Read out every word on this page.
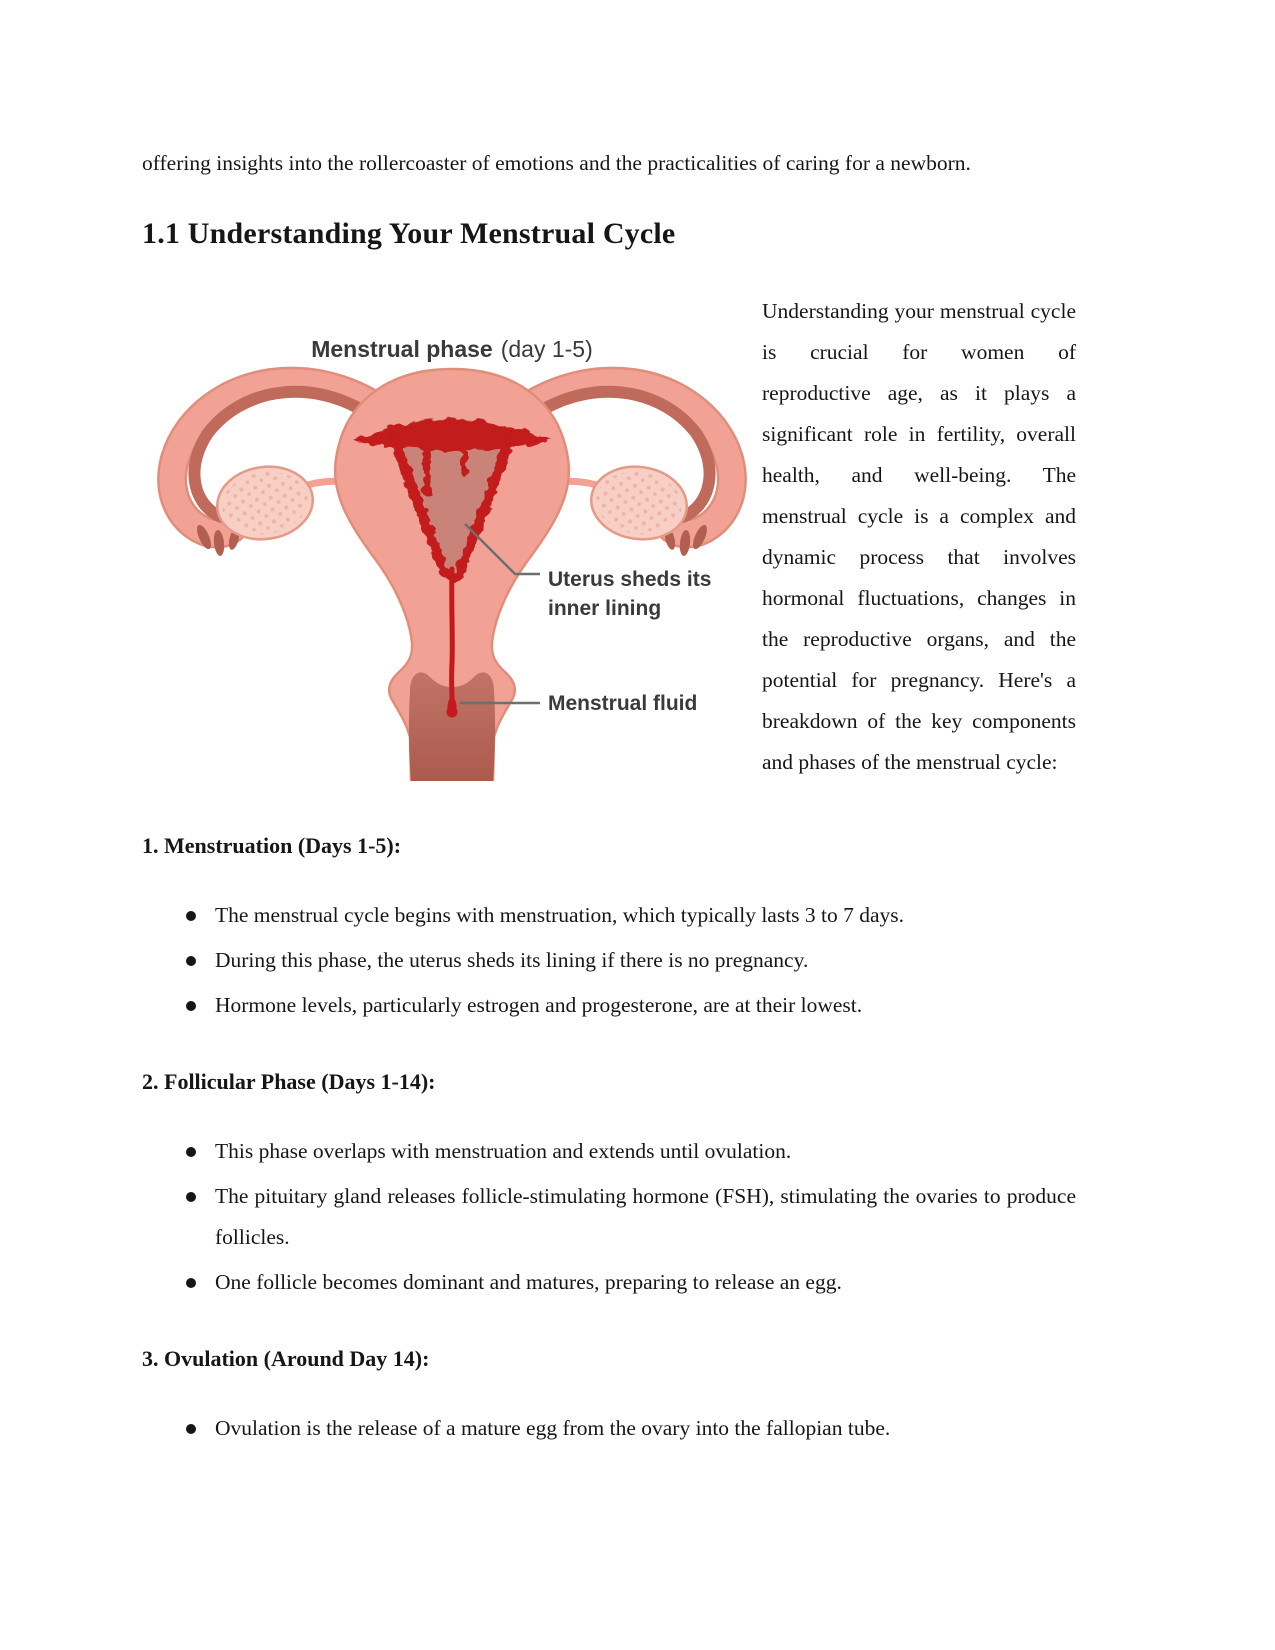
offering insights into the rollercoaster of emotions and the practicalities of caring for a newborn.

1.1 Understanding Your Menstrual Cycle
Uterus sheds its
inner lining
Menstrual fluid
Menstrual phase (day 1-5)

Understanding your menstrual cycle is crucial for women of reproductive age, as it plays a significant role in fertility, overall health, and well-being. The menstrual cycle is a complex and dynamic process that involves hormonal fluctuations, changes in the reproductive organs, and the potential for pregnancy. Here's a breakdown of the key components and phases of the menstrual cycle:

1. Menstruation (Days 1-5):
The menstrual cycle begins with menstruation, which typically lasts 3 to 7 days.
During this phase, the uterus sheds its lining if there is no pregnancy.
Hormone levels, particularly estrogen and progesterone, are at their lowest.
2. Follicular Phase (Days 1-14):
This phase overlaps with menstruation and extends until ovulation.
The pituitary gland releases follicle-stimulating hormone (FSH), stimulating the ovaries to produce follicles.
One follicle becomes dominant and matures, preparing to release an egg.
3. Ovulation (Around Day 14):
Ovulation is the release of a mature egg from the ovary into the fallopian tube.
